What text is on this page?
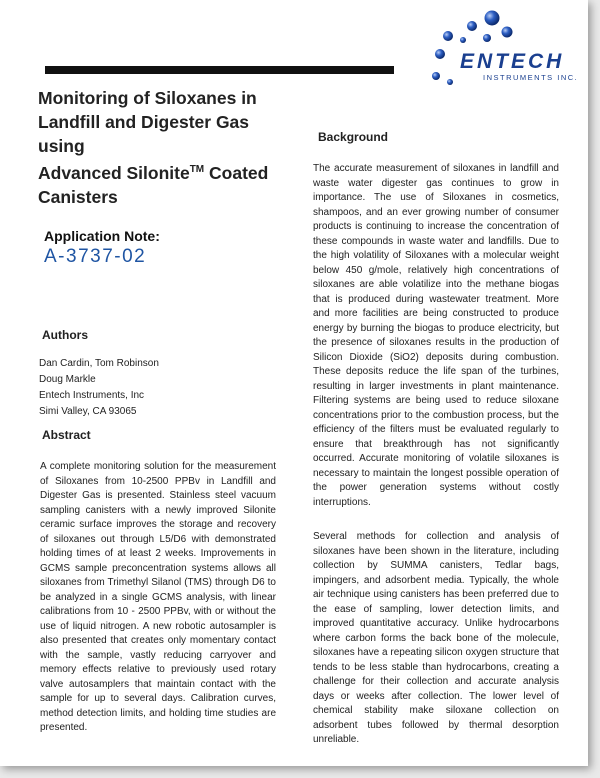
ENTECH
INSTRUMENTS INC.
Monitoring of Siloxanes in
Landfill and Digester Gas using
Advanced Silonite™ Coated
Canisters
Application Note:
A-3737-02
Authors
Dan Cardin, Tom Robinson
Doug Markle
Entech Instruments, Inc
Simi Valley, CA 93065
Abstract

A complete monitoring solution for the measurement of Siloxanes from 10-2500 PPBv in Landfill and Digester Gas is presented. Stainless steel vacuum sampling canisters with a newly improved Silonite ceramic surface improves the storage and recovery of siloxanes out through L5/D6 with demonstrated holding times of at least 2 weeks. Improvements in GCMS sample preconcentration systems allows all siloxanes from Trimethyl Silanol (TMS) through D6 to be analyzed in a single GCMS analysis, with linear calibrations from 10 - 2500 PPBv, with or without the use of liquid nitrogen. A new robotic autosampler is also presented that creates only momentary contact with the sample, vastly reducing carryover and memory effects relative to previously used rotary valve autosamplers that maintain contact with the sample for up to several days. Calibration curves, method detection limits, and holding time studies are presented.

Background

The accurate measurement of siloxanes in landfill and waste water digester gas continues to grow in importance. The use of Siloxanes in cosmetics, shampoos, and an ever growing number of consumer products is continuing to increase the concentration of these compounds in waste water and landfills. Due to the high volatility of Siloxanes with a molecular weight below 450 g/mole, relatively high concentrations of siloxanes are able volatilize into the methane biogas that is produced during wastewater treatment. More and more facilities are being constructed to produce energy by burning the biogas to produce electricity, but the presence of siloxanes results in the production of Silicon Dioxide (SiO2) deposits during combustion. These deposits reduce the life span of the turbines, resulting in larger investments in plant maintenance. Filtering systems are being used to reduce siloxane concentrations prior to the combustion process, but the efficiency of the filters must be evaluated regularly to ensure that breakthrough has not significantly occurred. Accurate monitoring of volatile siloxanes is necessary to maintain the longest possible operation of the power generation systems without costly interruptions.

Several methods for collection and analysis of siloxanes have been shown in the literature, including collection by SUMMA canisters, Tedlar bags, impingers, and adsorbent media. Typically, the whole air technique using canisters has been preferred due to the ease of sampling, lower detection limits, and improved quantitative accuracy. Unlike hydrocarbons where carbon forms the back bone of the molecule, siloxanes have a repeating silicon oxygen structure that tends to be less stable than hydrocarbons, creating a challenge for their collection and accurate analysis days or weeks after collection. The lower level of chemical stability make siloxane collection on adsorbent tubes followed by thermal desorption unreliable.
